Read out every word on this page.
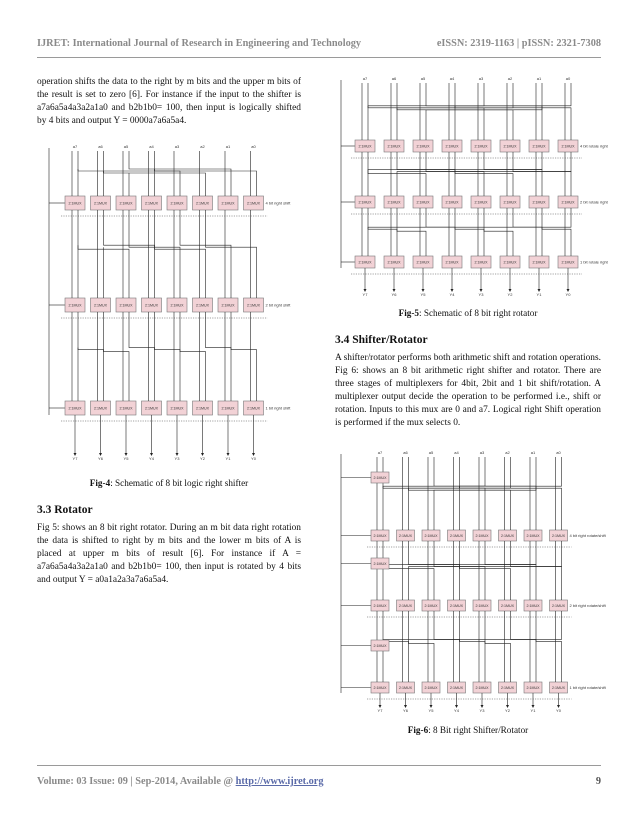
IJRET: International Journal of Research in Engineering and Technology	eISSN: 2319-1163 | pISSN: 2321-7308
operation shifts the data to the right by m bits and the upper m bits of the result is set to zero [6]. For instance if the input to the shifter is a7a6a5a4a3a2a1a0 and b2b1b0= 100, then input is logically shifted by 4 bits and output Y = 0000a7a6a5a4.
a7	a6	a5	a4	a3	a2	a1	a0
2:1MUX	2:1MUX	2:1MUX	2:1MUX	2:1MUX	2:1MUX	2:1MUX	2:1MUX 4 bit right shift
2:1MUX	2:1MUX	2:1MUX	2:1MUX	2:1MUX	2:1MUX	2:1MUX	2:1MUX 2 bit right shift
2:1MUX	2:1MUX	2:1MUX	2:1MUX	2:1MUX	2:1MUX	2:1MUX	2:1MUX 1 bit right shift
Y7	Y6	Y5	Y4	Y3	Y2	Y1	Y0
Fig-4: Schematic of 8 bit logic right shifter
3.3 Rotator
Fig 5: shows an 8 bit right rotator. During an m bit data right rotation the data is shifted to right by m bits and the lower m bits of A is placed at upper m bits of result [6]. For instance if A = a7a6a5a4a3a2a1a0 and b2b1b0= 100, then input is rotated by 4 bits and output Y = a0a1a2a3a7a6a5a4.
a7	a6	a5	a4	a3	a2	a1	a0
2:1MUX	2:1MUX	2:1MUX	2:1MUX	2:1MUX	2:1MUX	2:1MUX	2:1MUX 4 bit rotate right
2:1MUX	2:1MUX	2:1MUX	2:1MUX	2:1MUX	2:1MUX	2:1MUX	2:1MUX 2 bit rotate right
2:1MUX	2:1MUX	2:1MUX	2:1MUX	2:1MUX	2:1MUX	2:1MUX	2:1MUX 1 bit rotate right
Y7	Y6	Y5	Y4	Y3	Y2	Y1	Y0
Fig-5: Schematic of 8 bit right rotator
3.4 Shifter/Rotator
A shifter/rotator performs both arithmetic shift and rotation operations. Fig 6: shows an 8 bit arithmetic right shifter and rotator. There are three stages of multiplexers for 4bit, 2bit and 1 bit shift/rotation. A multiplexer output decide the operation to be performed i.e., shift or rotation. Inputs to this mux are 0 and a7. Logical right Shift operation is performed if the mux selects 0.
a7	a6	a5	a4	a3	a2	a1	a0
2:1MUX	2:1MUX	2:1MUX	2:1MUX	2:1MUX	2:1MUX	2:1MUX	2:1MUX 4 bit right rotate/shift
2:1MUX
2:1MUX	2:1MUX	2:1MUX	2:1MUX	2:1MUX	2:1MUX	2:1MUX	2:1MUX 2 bit right rotate/shift
2:1MUX
2:1MUX	2:1MUX	2:1MUX	2:1MUX	2:1MUX	2:1MUX	2:1MUX	2:1MUX 1 bit right rotate/shift
2:1MUX
Y7	Y6	Y5	Y4	Y3	Y2	Y1	Y0
Fig-6: 8 Bit right Shifter/Rotator
Volume: 03 Issue: 09 | Sep-2014, Available @ http://www.ijret.org	9
